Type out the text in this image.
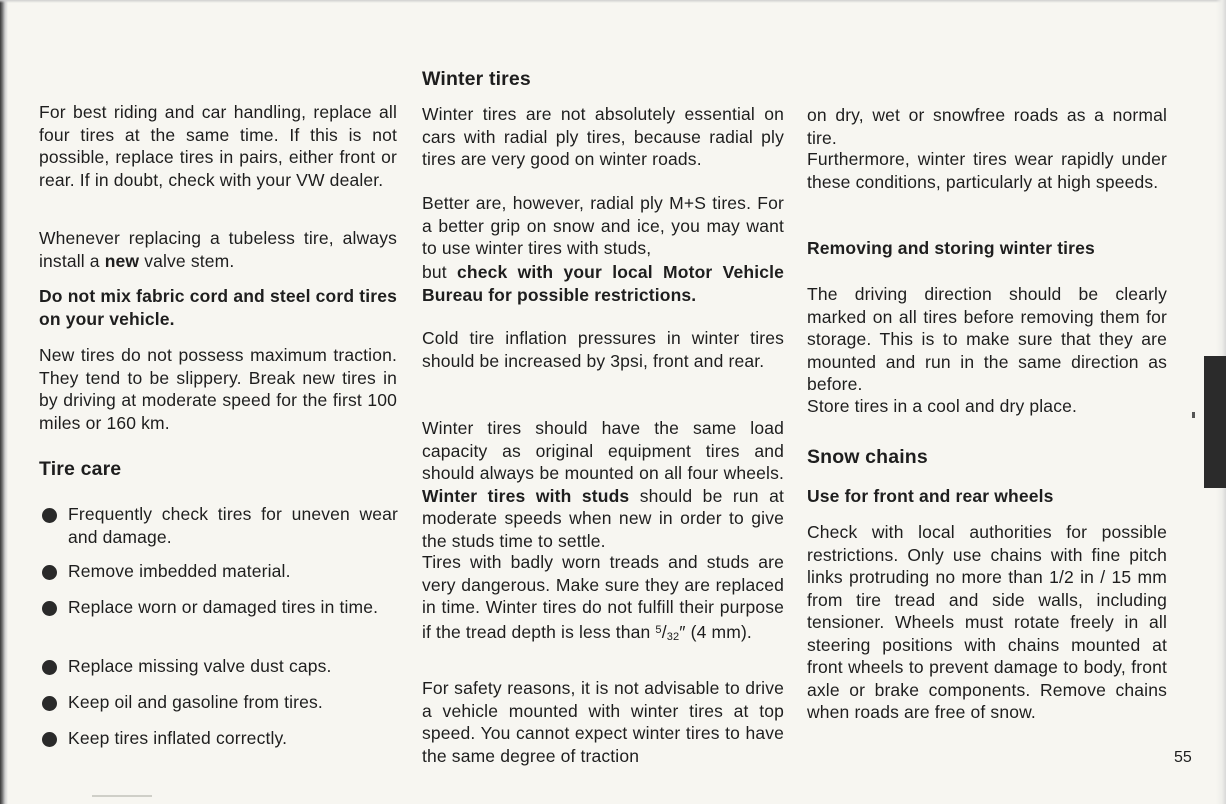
For best riding and car handling, replace all four tires at the same time. If this is not possible, replace tires in pairs, either front or rear. If in doubt, check with your VW dealer.

Whenever replacing a tubeless tire, always install a new valve stem.

Do not mix fabric cord and steel cord tires on your vehicle.

New tires do not possess maximum traction. They tend to be slippery. Break new tires in by driving at moderate speed for the first 100 miles or 160 km.

Tire care
Frequently check tires for uneven wear and damage.
Remove imbedded material.
Replace worn or damaged tires in time.
Replace missing valve dust caps.
Keep oil and gasoline from tires.
Keep tires inflated correctly.
Winter tires

Winter tires are not absolutely essential on cars with radial ply tires, because radial ply tires are very good on winter roads.

Better are, however, radial ply M+S tires. For a better grip on snow and ice, you may want to use winter tires with studs,

but check with your local Motor Vehicle Bureau for possible restrictions.

Cold tire inflation pressures in winter tires should be increased by 3psi, front and rear.

Winter tires should have the same load capacity as original equipment tires and should always be mounted on all four wheels. Winter tires with studs should be run at moderate speeds when new in order to give the studs time to settle.

Tires with badly worn treads and studs are very dangerous. Make sure they are replaced in time. Winter tires do not fulfill their purpose if the tread depth is less than $^5$/32″ (4 mm).

For safety reasons, it is not advisable to drive a vehicle mounted with winter tires at top speed. You cannot expect winter tires to have the same degree of traction

on dry, wet or snowfree roads as a normal tire.

Furthermore, winter tires wear rapidly under these conditions, particularly at high speeds.

Removing and storing winter tires

The driving direction should be clearly marked on all tires before removing them for storage. This is to make sure that they are mounted and run in the same direction as before.

Store tires in a cool and dry place.

Snow chains
Use for front and rear wheels

Check with local authorities for possible restrictions. Only use chains with fine pitch links protruding no more than 1/2 in / 15 mm from tire tread and side walls, including tensioner. Wheels must rotate freely in all steering positions with chains mounted at front wheels to prevent damage to body, front axle or brake components. Remove chains when roads are free of snow.

55
